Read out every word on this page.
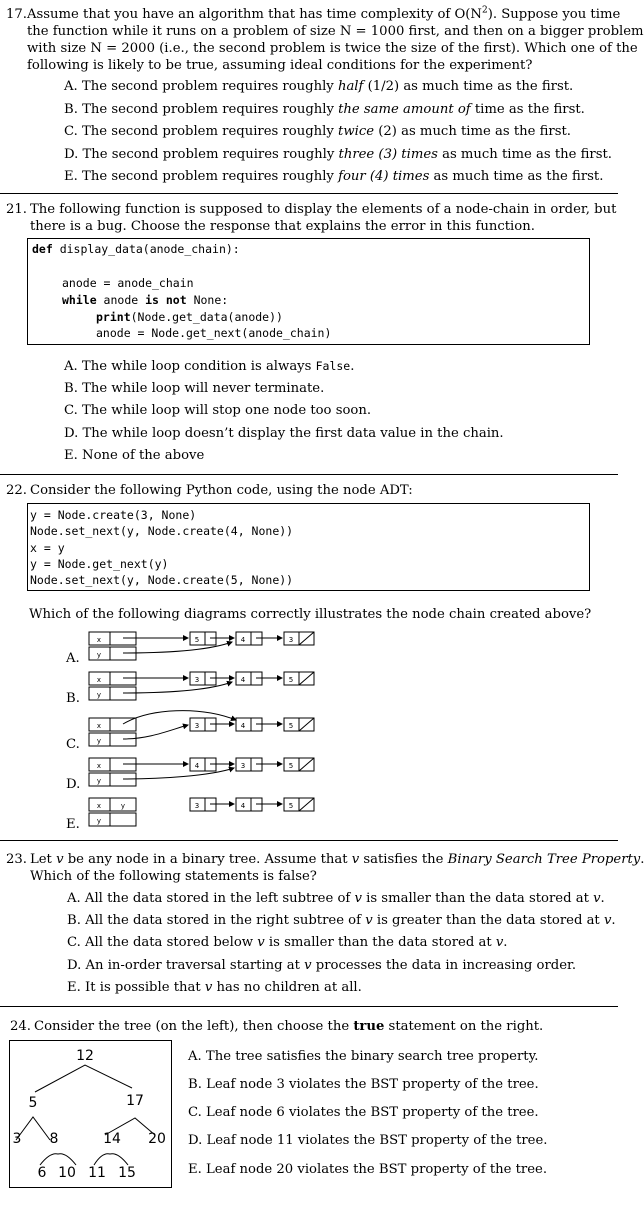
17. Assume that you have an algorithm that has time complexity of $O(N^2)$. Suppose you time
the function while it runs on a problem of size N = 1000 first, and then on a bigger problem
with size N = 2000 (i.e., the second problem is twice the size of the first). Which one of the
following is likely to be true, assuming ideal conditions for the experiment?
A. The second problem requires roughly half (1/2) as much time as the first.
B. The second problem requires roughly the same amount of time as the first.
C. The second problem requires roughly twice (2) as much time as the first.
D. The second problem requires roughly three (3) times as much time as the first.
E. The second problem requires roughly four (4) times as much time as the first.
21. The following function is supposed to display the elements of a node-chain in order, but
there is a bug. Choose the response that explains the error in this function.
def display_data(anode_chain):
anode = anode_chain
while anode is not None:
print(Node.get_data(anode))
anode = Node.get_next(anode_chain)
A. The while loop condition is always False.
B. The while loop will never terminate.
C. The while loop will stop one node too soon.
D. The while loop doesn’t display the first data value in the chain.
E. None of the above
22. Consider the following Python code, using the node ADT:
y = Node.create(3, None)
Node.set_next(y, Node.create(4, None))
x = y
y = Node.get_next(y)
Node.set_next(y, Node.create(5, None))
Which of the following diagrams correctly illustrates the node chain created above?
A.
B.
C.
D.
E.
x
y
5	4	3
x
y
3	4	5
x
y
3	4	5
x
y
4	3	5
x	y
y
3	4	5
23. Let v be any node in a binary tree. Assume that v satisfies the Binary Search Tree Property
Which of the following statements is false?
A. All the data stored in the left subtree of v is smaller than the data stored at v.
B. All the data stored in the right subtree of v is greater than the data stored at v.
C. All the data stored below v is smaller than the data stored at v.
D. An in-order traversal starting at v processes the data in increasing order.
E. It is possible that v has no children at all.
24. Consider the tree (on the left), then choose the true statement on the right.
12
5	17
3 8	14 20
6 10 11 15
A. The tree satisfies the binary search tree property.
B. Leaf node 3 violates the BST property of the tree.
C. Leaf node 6 violates the BST property of the tree.
D. Leaf node 11 violates the BST property of the tree.
E. Leaf node 20 violates the BST property of the tree.
